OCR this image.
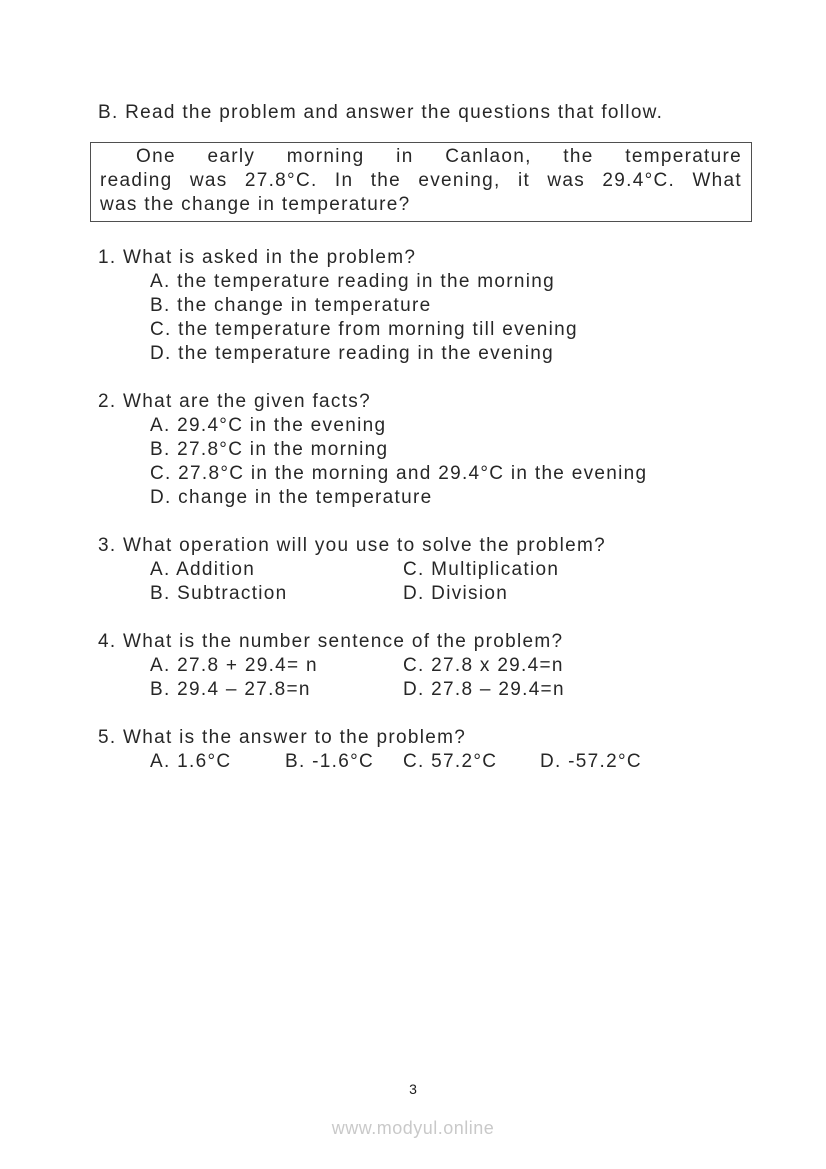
B. Read the problem and answer the questions that follow.
One early morning in Canlaon, the temperature
reading was 27.8°C. In the evening, it was 29.4°C. What
was the change in temperature?
1. What is asked in the problem?
A. the temperature reading in the morning
B. the change in temperature
C. the temperature from morning till evening
D. the temperature reading in the evening
2. What are the given facts?
A. 29.4°C in the evening
B. 27.8°C in the morning
C. 27.8°C in the morning and 29.4°C in the evening
D. change in the temperature
3. What operation will you use to solve the problem?
A. Addition	C. Multiplication
B. Subtraction	D. Division
4. What is the number sentence of the problem?
A. 27.8 + 29.4= n	C. 27.8 x 29.4=n
B. 29.4 – 27.8=n	D. 27.8 – 29.4=n
5. What is the answer to the problem?
A. 1.6°C	B. -1.6°C	C. 57.2°C	D. -57.2°C
3
www.modyul.online
